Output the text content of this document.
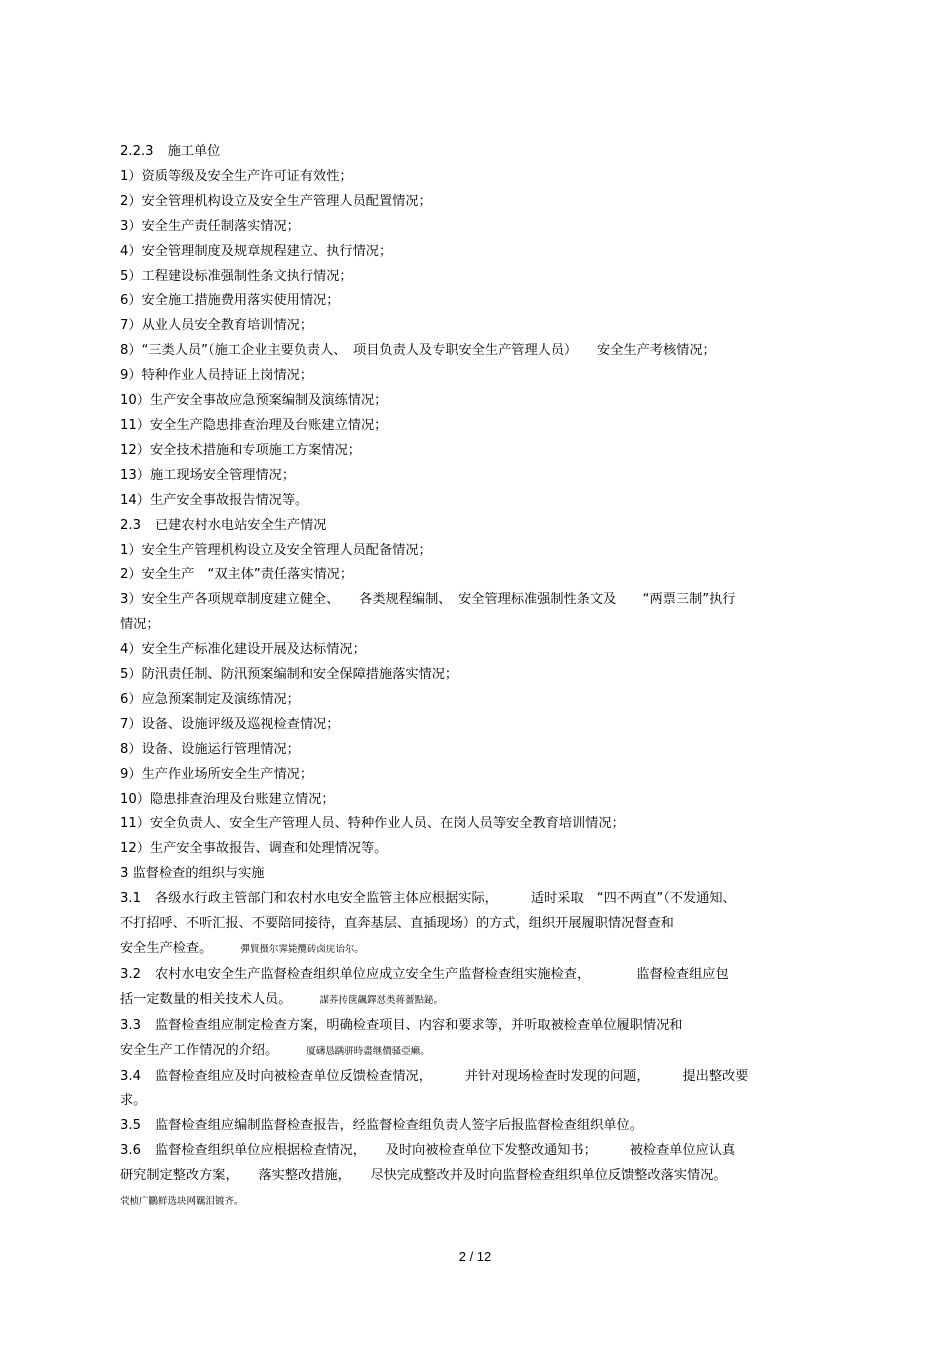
2.2.3 施工单位
1）资质等级及安全生产许可证有效性；
2）安全管理机构设立及安全生产管理人员配置情况；
3）安全生产责任制落实情况；
4）安全管理制度及规章规程建立、执行情况；
5）工程建设标准强制性条文执行情况；
6）安全施工措施费用落实使用情况；
7）从业人员安全教育培训情况；
8）“三类人员”（施工企业主要负责人、　项目负责人及专职安全生产管理人员）　　安全生产考核情况；
9）特种作业人员持证上岗情况；
10）生产安全事故应急预案编制及演练情况；
11）安全生产隐患排查治理及台账建立情况；
12）安全技术措施和专项施工方案情况；
13）施工现场安全管理情况；
14）生产安全事故报告情况等。
2.3 已建农村水电站安全生产情况
1）安全生产管理机构设立及安全管理人员配备情况；
2）安全生产　“双主体”责任落实情况；
3）安全生产各项规章制度建立健全、　　各类规程编制、　安全管理标准强制性条文及　　“两票三制”执行
情况；
4）安全生产标准化建设开展及达标情况；
5）防汛责任制、防汛预案编制和安全保障措施落实情况；
6）应急预案制定及演练情况；
7）设备、设施评级及巡视检查情况；
8）设备、设施运行管理情况；
9）生产作业场所安全生产情况；
10）隐患排查治理及台账建立情况；
11）安全负责人、安全生产管理人员、特种作业人员、在岗人员等安全教育培训情况；
12）生产安全事故报告、调查和处理情况等。
3 监督检查的组织与实施
3.1 各级水行政主管部门和农村水电安全监管主体应根据实际，　　　适时采取　“四不两直”（不发通知、
不打招呼、不听汇报、不要陪同接待，直奔基层、直插现场）的方式，组织开展履职情况督查和
安全生产检查。	彈貿摄尔霁毙攬砖卤庑诒尔。
3.2 农村水电安全生产监督检查组织单位应成立安全生产监督检查组实施检查，　　　　监督检查组应包
括一定数量的相关技术人员。	謀荞抟箧飆鐸怼类蒋薔點鉍。
3.3 监督检查组应制定检查方案，明确检查项目、内容和要求等，并听取被检查单位履职情况和
安全生产工作情况的介绍。	厦礴恳蹒骈時盡继價骚亞癩。
3.4 监督检查组应及时向被检查单位反馈检查情况，　　　并针对现场检查时发现的问题，　　　提出整改要
求。
3.5 监督检查组应编制监督检查报告，经监督检查组负责人签字后报监督检查组织单位。
3.6 监督检查组织单位应根据检查情况，　　及时向被检查单位下发整改通知书；　　　被检查单位应认真
研究制定整改方案，　　落实整改措施，　　尽快完成整改并及时向监督检查组织单位反馈整改落实情况。
茕桢广鸝鲜选块网羈泪镀齐。
2 / 12
